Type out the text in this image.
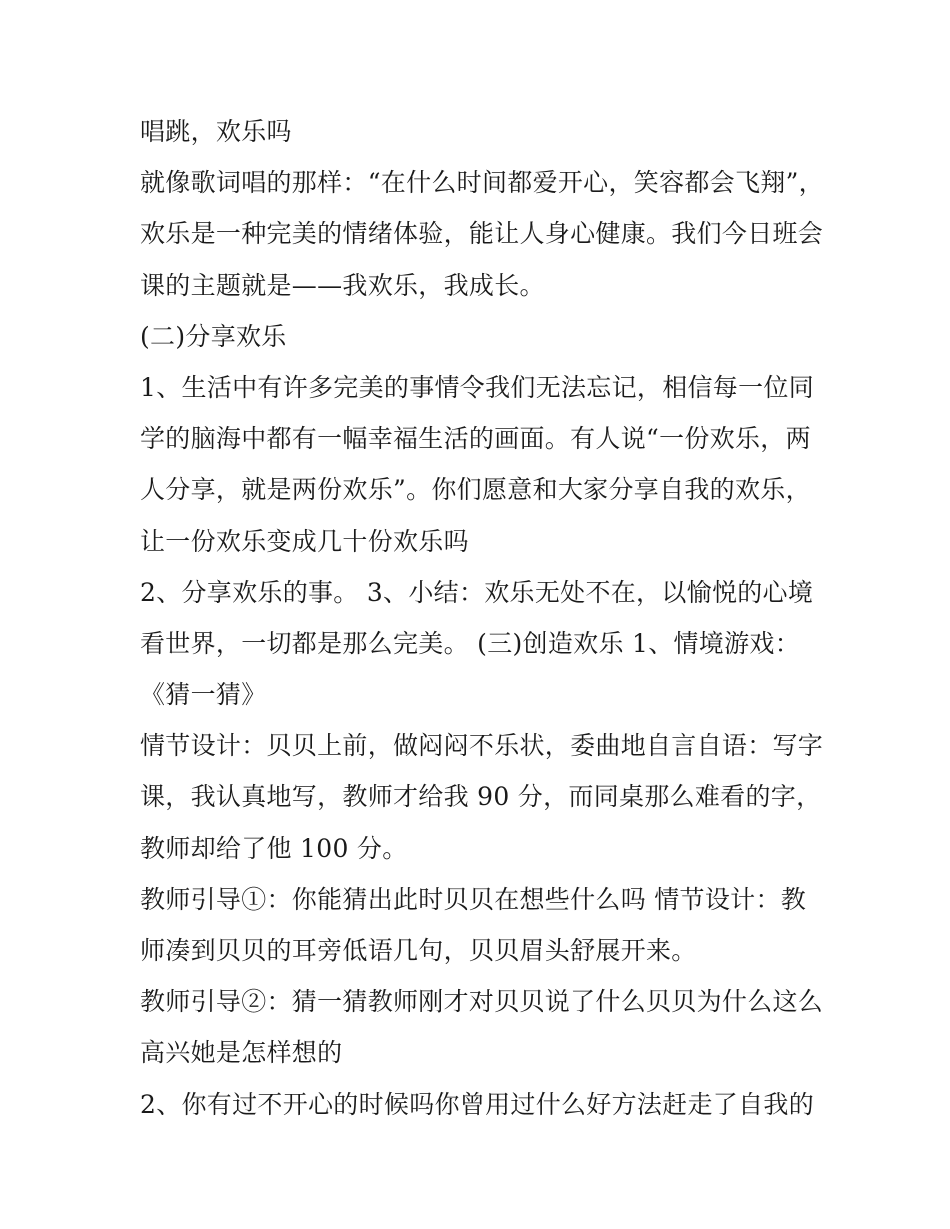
唱跳，欢乐吗
就像歌词唱的那样：“在什么时间都爱开心，笑容都会飞翔”，
欢乐是一种完美的情绪体验，能让人身心健康。我们今日班会
课的主题就是——我欢乐，我成长。
(二)分享欢乐
1、生活中有许多完美的事情令我们无法忘记，相信每一位同
学的脑海中都有一幅幸福生活的画面。有人说“一份欢乐，两
人分享，就是两份欢乐”。你们愿意和大家分享自我的欢乐，
让一份欢乐变成几十份欢乐吗
2、分享欢乐的事。 3、小结：欢乐无处不在，以愉悦的心境
看世界，一切都是那么完美。 (三)创造欢乐 1、情境游戏：
《猜一猜》
情节设计：贝贝上前，做闷闷不乐状，委曲地自言自语：写字
课，我认真地写，教师才给我 90 分，而同桌那么难看的字，
教师却给了他 100 分。
教师引导①：你能猜出此时贝贝在想些什么吗 情节设计：教
师凑到贝贝的耳旁低语几句，贝贝眉头舒展开来。
教师引导②：猜一猜教师刚才对贝贝说了什么贝贝为什么这么
高兴她是怎样想的
2、你有过不开心的时候吗你曾用过什么好方法赶走了自我的
